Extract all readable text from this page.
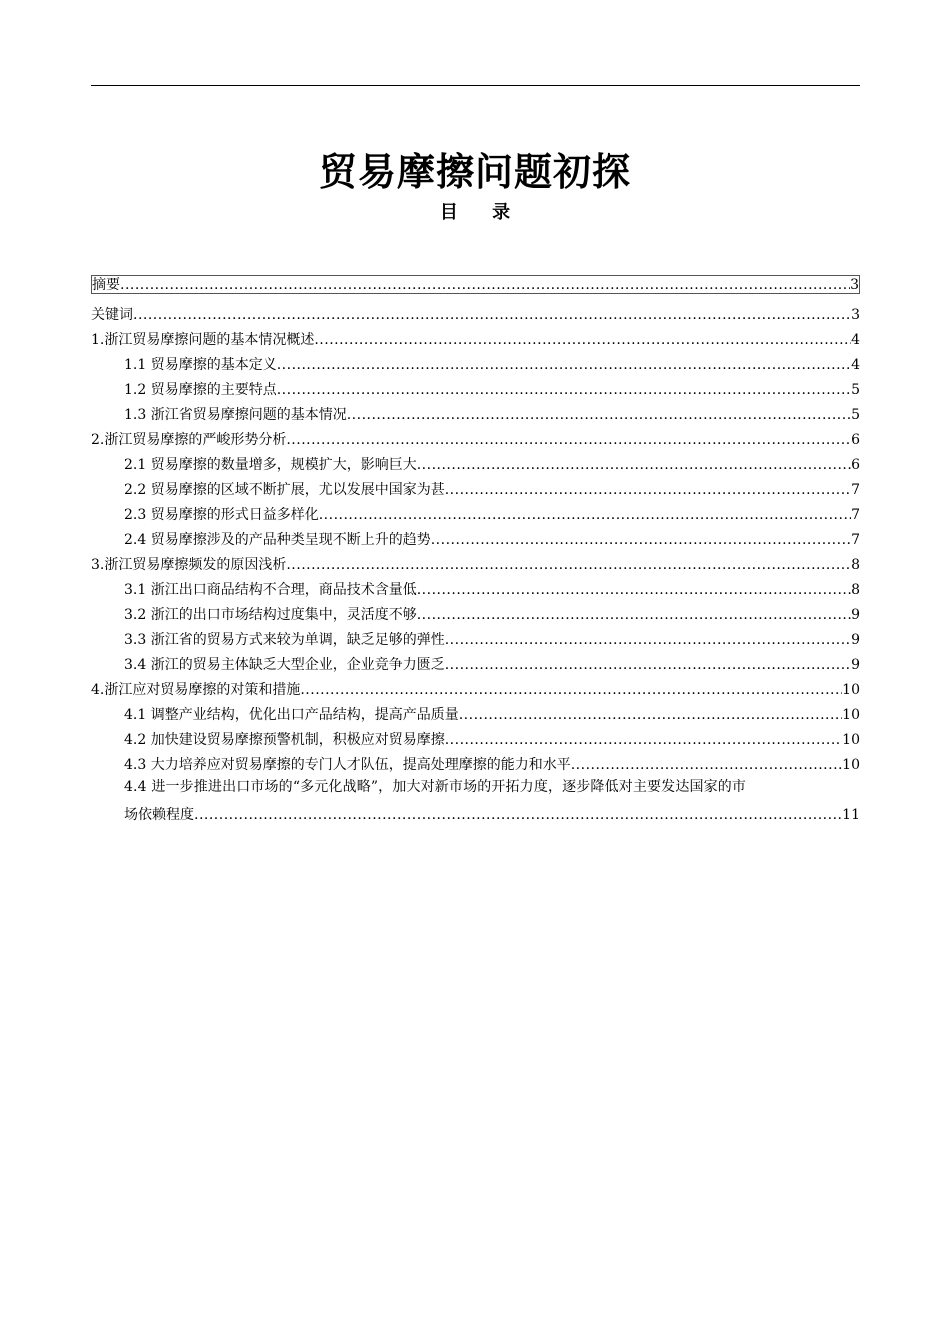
贸易摩擦问题初探
目 录
摘要 .....	3
关键词 .....	3
1.浙江贸易摩擦问题的基本情况概述 .....	4
1.1 贸易摩擦的基本定义 .....	4
1.2 贸易摩擦的主要特点 .....	5
1.3 浙江省贸易摩擦问题的基本情况 .....	5
2.浙江贸易摩擦的严峻形势分析 .....	6
2.1 贸易摩擦的数量增多，规模扩大，影响巨大 .....	6
2.2 贸易摩擦的区域不断扩展，尤以发展中国家为甚 .....	7
2.3 贸易摩擦的形式日益多样化 .....	7
2.4 贸易摩擦涉及的产品种类呈现不断上升的趋势 .....	7
3.浙江贸易摩擦频发的原因浅析 .....	8
3.1 浙江出口商品结构不合理，商品技术含量低 .....	8
3.2 浙江的出口市场结构过度集中，灵活度不够 .....	9
3.3 浙江省的贸易方式来较为单调，缺乏足够的弹性 .....	9
3.4 浙江的贸易主体缺乏大型企业，企业竞争力匮乏 .....	9
4.浙江应对贸易摩擦的对策和措施 .....	10
4.1 调整产业结构，优化出口产品结构，提高产品质量 .....	10
4.2 加快建设贸易摩擦预警机制，积极应对贸易摩擦 .....	10
4.3 大力培养应对贸易摩擦的专门人才队伍，提高处理摩擦的能力和水平 .....	10
4.4 进一步推进出口市场的“多元化战略”，加大对新市场的开拓力度，逐步降低对主要发达国家的市
场依赖程度 .....	11
